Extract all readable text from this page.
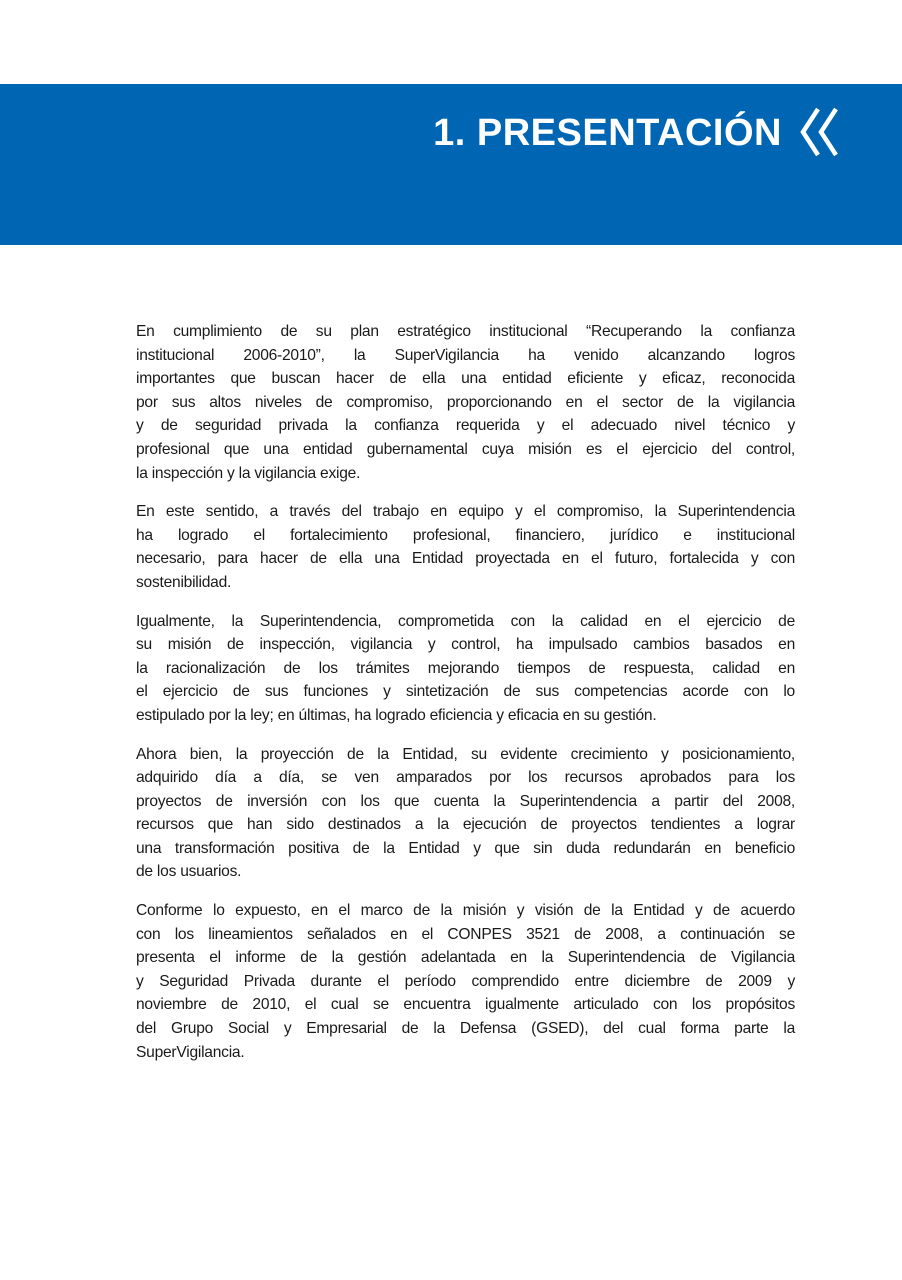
1. PRESENTACIÓN
En cumplimiento de su plan estratégico institucional “Recuperando la confianza
institucional 2006-2010”, la SuperVigilancia ha venido alcanzando logros
importantes que buscan hacer de ella una entidad eficiente y eficaz, reconocida
por sus altos niveles de compromiso, proporcionando en el sector de la vigilancia
y de seguridad privada la confianza requerida y el adecuado nivel técnico y
profesional que una entidad gubernamental cuya misión es el ejercicio del control,
la inspección y la vigilancia exige.
En este sentido, a través del trabajo en equipo y el compromiso, la Superintendencia
ha logrado el fortalecimiento profesional, financiero, jurídico e institucional
necesario, para hacer de ella una Entidad proyectada en el futuro, fortalecida y con
sostenibilidad.
Igualmente, la Superintendencia, comprometida con la calidad en el ejercicio de
su misión de inspección, vigilancia y control, ha impulsado cambios basados en
la racionalización de los trámites mejorando tiempos de respuesta, calidad en
el ejercicio de sus funciones y sintetización de sus competencias acorde con lo
estipulado por la ley; en últimas, ha logrado eficiencia y eficacia en su gestión.
Ahora bien, la proyección de la Entidad, su evidente crecimiento y posicionamiento,
adquirido día a día, se ven amparados por los recursos aprobados para los
proyectos de inversión con los que cuenta la Superintendencia a partir del 2008,
recursos que han sido destinados a la ejecución de proyectos tendientes a lograr
una transformación positiva de la Entidad y que sin duda redundarán en beneficio
de los usuarios.
Conforme lo expuesto, en el marco de la misión y visión de la Entidad y de acuerdo
con los lineamientos señalados en el CONPES 3521 de 2008, a continuación se
presenta el informe de la gestión adelantada en la Superintendencia de Vigilancia
y Seguridad Privada durante el período comprendido entre diciembre de 2009 y
noviembre de 2010, el cual se encuentra igualmente articulado con los propósitos
del Grupo Social y Empresarial de la Defensa (GSED), del cual forma parte la
SuperVigilancia.
